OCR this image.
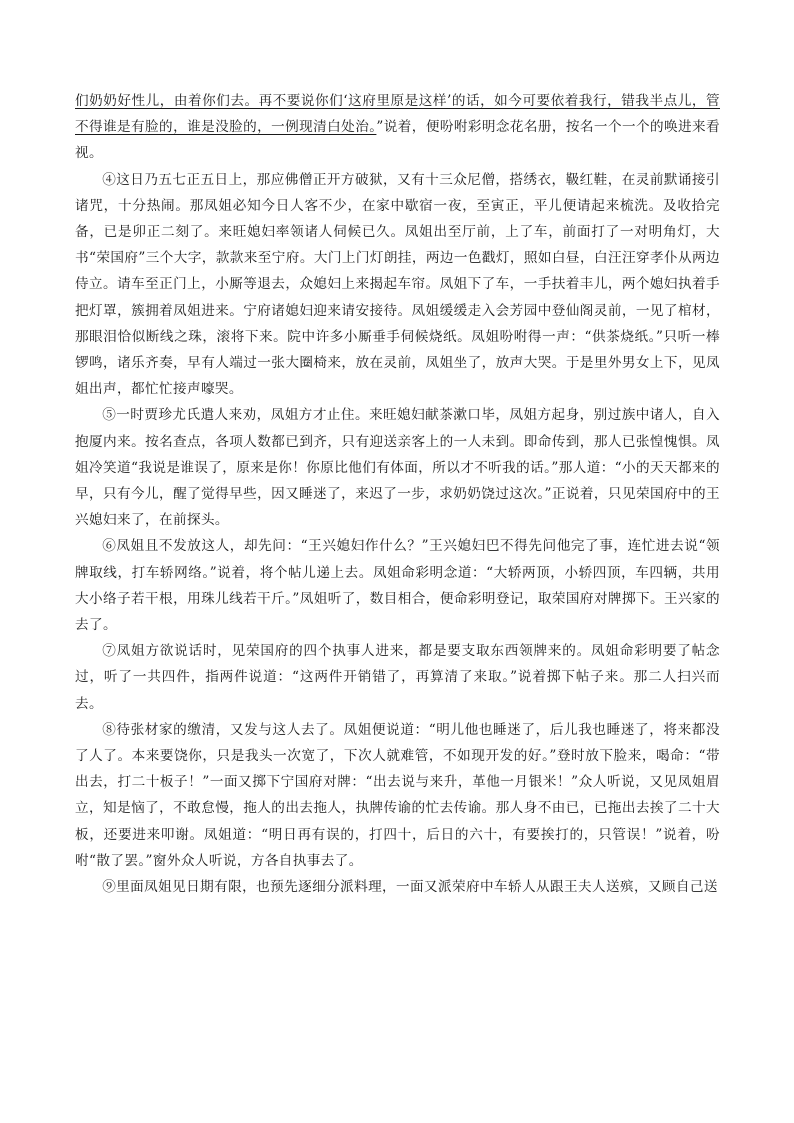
们奶奶好性儿，由着你们去。再不要说你们‘这府里原是这样’的话，如今可要依着我行，错我半点儿，管不得谁是有脸的，谁是没脸的，一例现清白处治。”说着，便吩咐彩明念花名册，按名一个一个的唤进来看视。

④这日乃五七正五日上，那应佛僧正开方破狱，又有十三众尼僧，搭绣衣，靸红鞋，在灵前默诵接引诸咒，十分热闹。那凤姐必知今日人客不少，在家中歇宿一夜，至寅正，平儿便请起来梳洗。及收拾完备，已是卯正二刻了。来旺媳妇率领诸人伺候已久。凤姐出至厅前，上了车，前面打了一对明角灯，大书“荣国府”三个大字，款款来至宁府。大门上门灯朗挂，两边一色戳灯，照如白昼，白汪汪穿孝仆从两边侍立。请车至正门上，小厮等退去，众媳妇上来揭起车帘。凤姐下了车，一手扶着丰儿，两个媳妇执着手把灯罩，簇拥着凤姐进来。宁府诸媳妇迎来请安接待。凤姐缓缓走入会芳园中登仙阁灵前，一见了棺材，那眼泪恰似断线之珠，滚将下来。院中许多小厮垂手伺候烧纸。凤姐吩咐得一声：“供茶烧纸。”只听一棒锣鸣，诸乐齐奏，早有人端过一张大圈椅来，放在灵前，凤姐坐了，放声大哭。于是里外男女上下，见凤姐出声，都忙忙接声嚎哭。

⑤一时贾珍尤氏遣人来劝，凤姐方才止住。来旺媳妇献茶漱口毕，凤姐方起身，别过族中诸人，自入抱厦内来。按名查点，各项人数都已到齐，只有迎送亲客上的一人未到。即命传到，那人已张惶愧惧。凤姐冷笑道“我说是谁误了，原来是你！你原比他们有体面，所以才不听我的话。”那人道：“小的天天都来的早，只有今儿，醒了觉得早些，因又睡迷了，来迟了一步，求奶奶饶过这次。”正说着，只见荣国府中的王兴媳妇来了，在前探头。

⑥凤姐且不发放这人，却先问：“王兴媳妇作什么？”王兴媳妇巴不得先问他完了事，连忙进去说“领牌取线，打车轿网络。”说着，将个帖儿递上去。凤姐命彩明念道：“大轿两顶，小轿四顶，车四辆，共用大小络子若干根，用珠儿线若干斤。”凤姐听了，数目相合，便命彩明登记，取荣国府对牌掷下。王兴家的去了。

⑦凤姐方欲说话时，见荣国府的四个执事人进来，都是要支取东西领牌来的。凤姐命彩明要了帖念过，听了一共四件，指两件说道：“这两件开销错了，再算清了来取。”说着掷下帖子来。那二人扫兴而去。

⑧待张材家的缴清，又发与这人去了。凤姐便说道：“明儿他也睡迷了，后儿我也睡迷了，将来都没了人了。本来要饶你，只是我头一次宽了，下次人就难管，不如现开发的好。”登时放下脸来，喝命：“带出去，打二十板子！”一面又掷下宁国府对牌：“出去说与来升，革他一月银米！”众人听说，又见凤姐眉立，知是恼了，不敢怠慢，拖人的出去拖人，执牌传谕的忙去传谕。那人身不由已，已拖出去挨了二十大板，还要进来叩谢。凤姐道：“明日再有误的，打四十，后日的六十，有要挨打的，只管误！”说着，吩咐“散了罢。”窗外众人听说，方各自执事去了。

⑨里面凤姐见日期有限，也预先逐细分派料理，一面又派荣府中车轿人从跟王夫人送殡，又顾自己送
